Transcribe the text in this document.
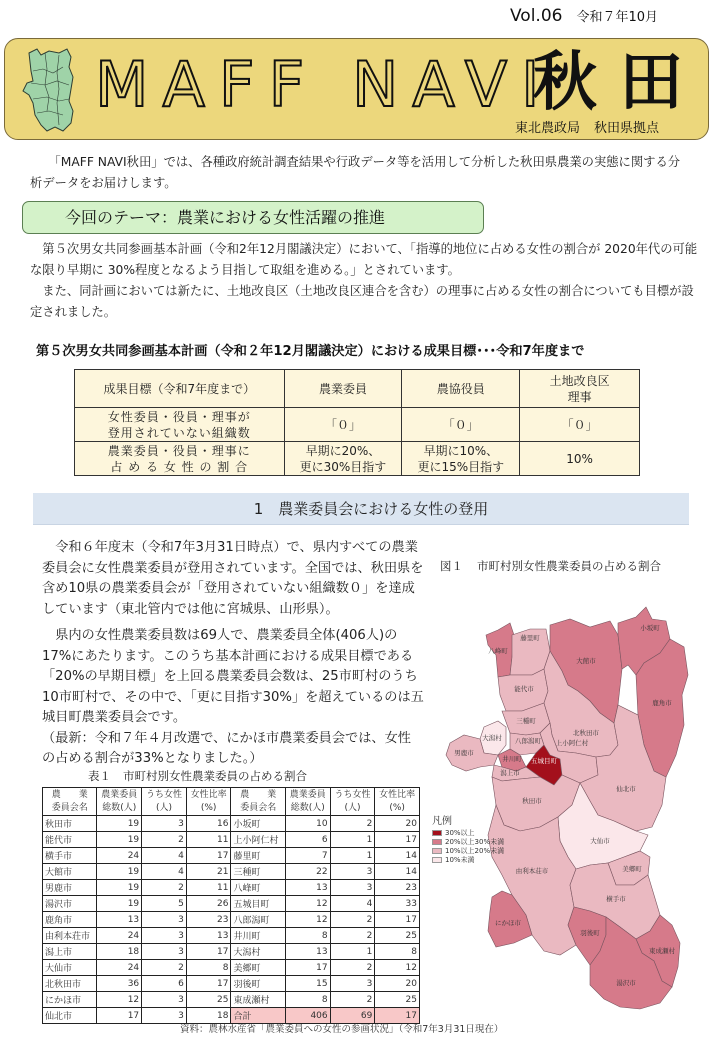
Vol.06 令和７年10月
MAFF NAVI
秋田
東北農政局 秋田県拠点

「MAFF NAVI秋田」では、各種政府統計調査結果や行政データ等を活用して分析した秋田県農業の実態に関する分析データをお届けします。

今回のテーマ：農業における女性活躍の推進

第５次男女共同参画基本計画（令和2年12月閣議決定）において、「指導的地位に占める女性の割合が 2020年代の可能な限り早期に 30%程度となるよう目指して取組を進める。」とされています。

また、同計画においては新たに、土地改良区（土地改良区連合を含む）の理事に占める女性の割合についても目標が設定されました。

第５次男女共同参画基本計画（令和２年12月閣議決定）における成果目標･･･令和7年度まで
成果目標（令和7年度まで）	農業委員	農協役員	土地改良区
理事
女性委員・役員・理事が
登用されていない組織数	「０」	「０」	「０」
農業委員・役員・理事に
占 め る 女 性 の 割 合	早期に20%、
更に30%目指す	早期に10%、
更に15%目指す	10%
1　農業委員会における女性の登用

令和６年度末（令和7年3月31日時点）で、県内すべての農業委員会に女性農業委員が登用されています。全国では、秋田県を含め10県の農業委員会が「登用されていない組織数０」を達成しています（東北管内では他に宮城県、山形県）。

県内の女性農業委員数は69人で、農業委員全体(406人)の17%にあたります。このうち基本計画における成果目標である「20%の早期目標」を上回る農業委員会数は、25市町村のうち10市町村で、その中で、「更に目指す30%」を超えているのは五城目町農業委員会です。

（最新：令和７年４月改選で、にかほ市農業委員会では、女性の占める割合が33%となりました。）

表１ 市町村別女性農業委員の占める割合
農　　業
委員会名	農業委員
総数(人)	うち女性
(人)	女性比率
(%)	農　　業
委員会名	農業委員
総数(人)	うち女性
(人)	女性比率
(%)
秋田市	19	3	16	小坂町	10	2	20
能代市	19	2	11	上小阿仁村	6	1	17
横手市	24	4	17	藤里町	7	1	14
大館市	19	4	21	三種町	22	3	14
男鹿市	19	2	11	八峰町	13	3	23
湯沢市	19	5	26	五城目町	12	4	33
鹿角市	13	3	23	八郎潟町	12	2	17
由利本荘市	24	3	13	井川町	8	2	25
潟上市	18	3	17	大潟村	13	1	8
大仙市	24	2	8	美郷町	17	2	12
北秋田市	36	6	17	羽後町	15	3	20
にかほ市	12	3	25	東成瀬村	8	2	25
仙北市	17	3	18	合計	406	69	17
資料：農林水産省「農業委員への女性の参画状況」（令和7年3月31日現在）
図１ 市町村別女性農業委員の占める割合
八峰町
藤里町
大館市
小坂町
鹿角市
能代市
三種町
北秋田市
大潟村 八郎潟町
五城目町
上小阿仁村
男鹿市
井川町
潟上市
秋田市
仙北市
大仙市
美郷町
由利本荘市
横手市
にかほ市
羽後町
東成瀬村
湯沢市
凡例
30%以上
20%以上30%未満
10%以上20%未満
10%未満
